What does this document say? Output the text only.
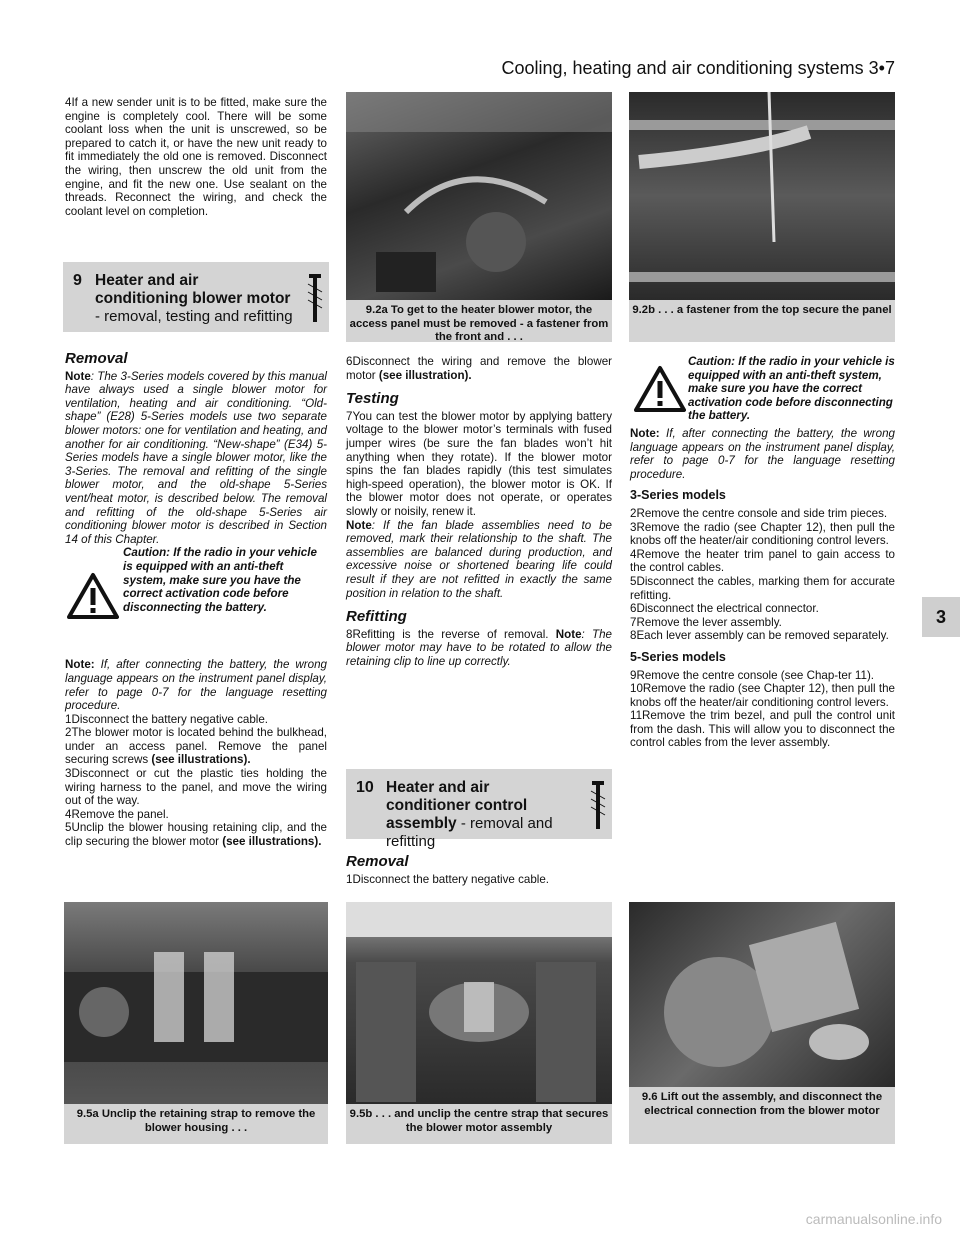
Cooling, heating and air conditioning systems 3•7
3

4If a new sender unit is to be fitted, make sure the engine is completely cool. There will be some coolant loss when the unit is unscrewed, so be prepared to catch it, or have the new unit ready to fit immediately the old one is removed. Disconnect the wiring, then unscrew the old unit from the engine, and fit the new one. Use sealant on the threads. Reconnect the wiring, and check the coolant level on completion.

9 Heater and air conditioning blower motor - removal, testing and refitting
Removal

Note: The 3-Series models covered by this manual have always used a single blower motor for ventilation, heating and air conditioning. “Old-shape” (E28) 5-Series models use two separate blower motors: one for ventilation and heating, and another for air conditioning. “New-shape” (E34) 5-Series models have a single blower motor, like the 3-Series. The removal and refitting of the single blower motor, and the old-shape 5-Series vent/heat motor, is described below. The removal and refitting of the old-shape 5-Series air conditioning blower motor is described in Section 14 of this Chapter.

Caution: If the radio in your vehicle is equipped with an anti-theft system, make sure you have the correct activation code before disconnecting the battery.

Note: If, after connecting the battery, the wrong language appears on the instrument panel display, refer to page 0-7 for the language resetting procedure.

1Disconnect the battery negative cable.

2The blower motor is located behind the bulkhead, under an access panel. Remove the panel securing screws (see illustrations).

3Disconnect or cut the plastic ties holding the wiring harness to the panel, and move the wiring out of the way.

4Remove the panel.

5Unclip the blower housing retaining clip, and the clip securing the blower motor (see illustrations).

9.2a To get to the heater blower motor, the access panel must be removed - a fastener from the front and . . .
9.2b . . . a fastener from the top secure the panel

6Disconnect the wiring and remove the blower motor (see illustration).

Testing

7You can test the blower motor by applying battery voltage to the blower motor’s terminals with fused jumper wires (be sure the fan blades won’t hit anything when they rotate). If the blower motor spins the fan blades rapidly (this test simulates high-speed operation), the blower motor is OK. If the blower motor does not operate, or operates slowly or noisily, renew it.

Note: If the fan blade assemblies need to be removed, mark their relationship to the shaft. The assemblies are balanced during production, and excessive noise or shortened bearing life could result if they are not refitted in exactly the same position in relation to the shaft.

Refitting

8Refitting is the reverse of removal. Note: The blower motor may have to be rotated to allow the retaining clip to line up correctly.

10 Heater and air conditioner control assembly - removal and refitting
Removal

1Disconnect the battery negative cable.

Caution: If the radio in your vehicle is equipped with an anti-theft system, make sure you have the correct activation code before disconnecting the battery.

Note: If, after connecting the battery, the wrong language appears on the instrument panel display, refer to page 0-7 for the language resetting procedure.

3-Series models

2Remove the centre console and side trim pieces.

3Remove the radio (see Chapter 12), then pull the knobs off the heater/air conditioning control levers.

4Remove the heater trim panel to gain access to the control cables.

5Disconnect the cables, marking them for accurate refitting.

6Disconnect the electrical connector.

7Remove the lever assembly.

8Each lever assembly can be removed separately.

5-Series models

9Remove the centre console (see Chap-ter 11).

10Remove the radio (see Chapter 12), then pull the knobs off the heater/air conditioning control levers.

11Remove the trim bezel, and pull the control unit from the dash. This will allow you to disconnect the control cables from the lever assembly.

9.5a Unclip the retaining strap to remove the blower housing . . .
9.5b . . . and unclip the centre strap that secures the blower motor assembly
9.6 Lift out the assembly, and disconnect the electrical connection from the blower motor
carmanualsonline.info
